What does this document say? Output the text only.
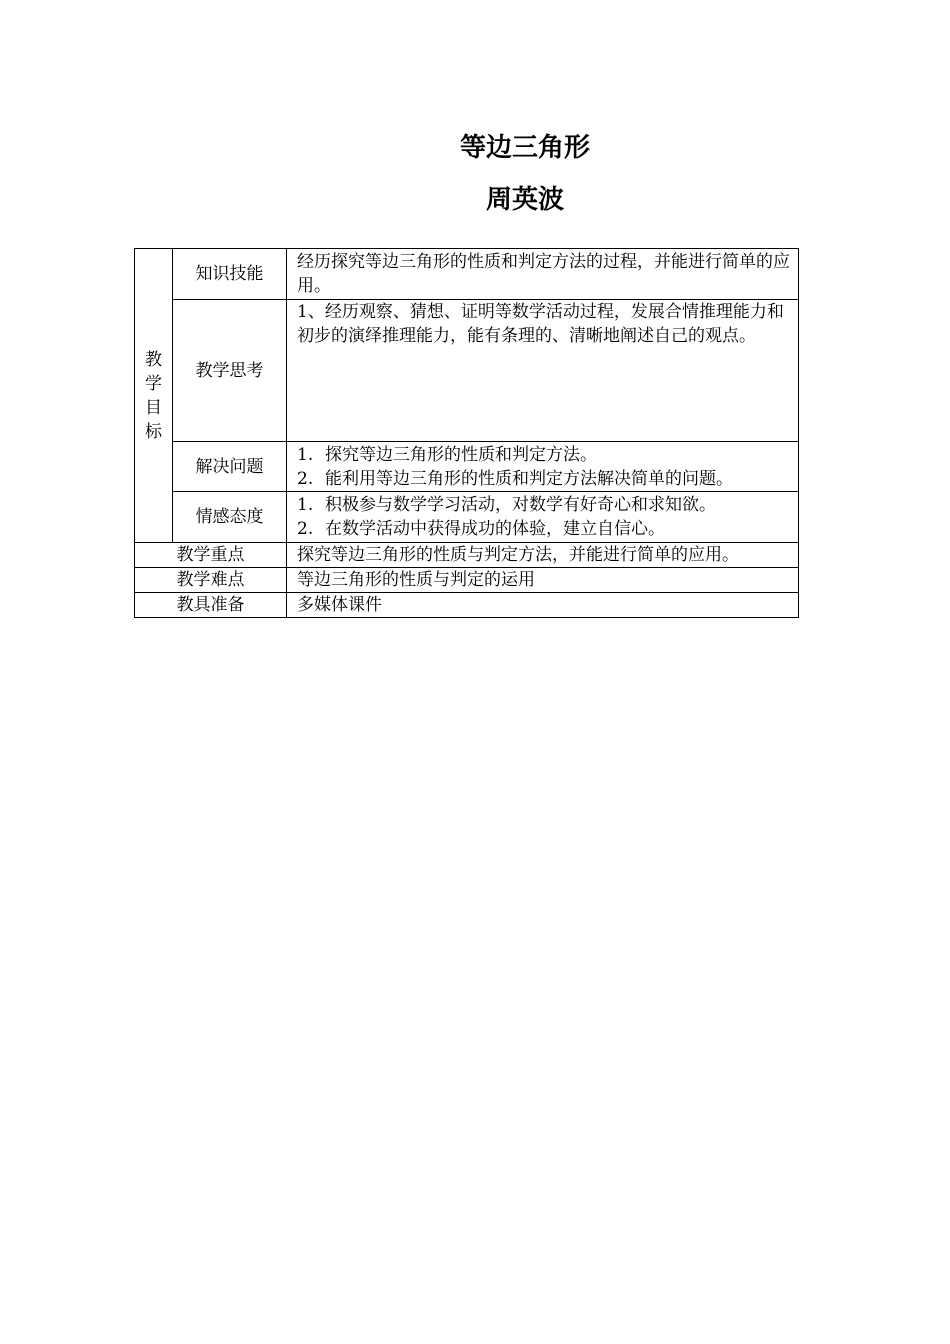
等边三角形
周英波
教
学
目
标	知识技能	经历探究等边三角形的性质和判定方法的过程，并能进行简单的应用。
	教学思考	1、经历观察、猜想、证明等数学活动过程，发展合情推理能力和初步的演绎推理能力，能有条理的、清晰地阐述自己的观点。
	解决问题	1. 探究等边三角形的性质和判定方法。
2. 能利用等边三角形的性质和判定方法解决简单的问题。

	情感态度	1. 积极参与数学学习活动，对数学有好奇心和求知欲。
2. 在数学活动中获得成功的体验，建立自信心。

教学重点		探究等边三角形的性质与判定方法，并能进行简单的应用。
教学难点		等边三角形的性质与判定的运用
教具准备		多媒体课件
